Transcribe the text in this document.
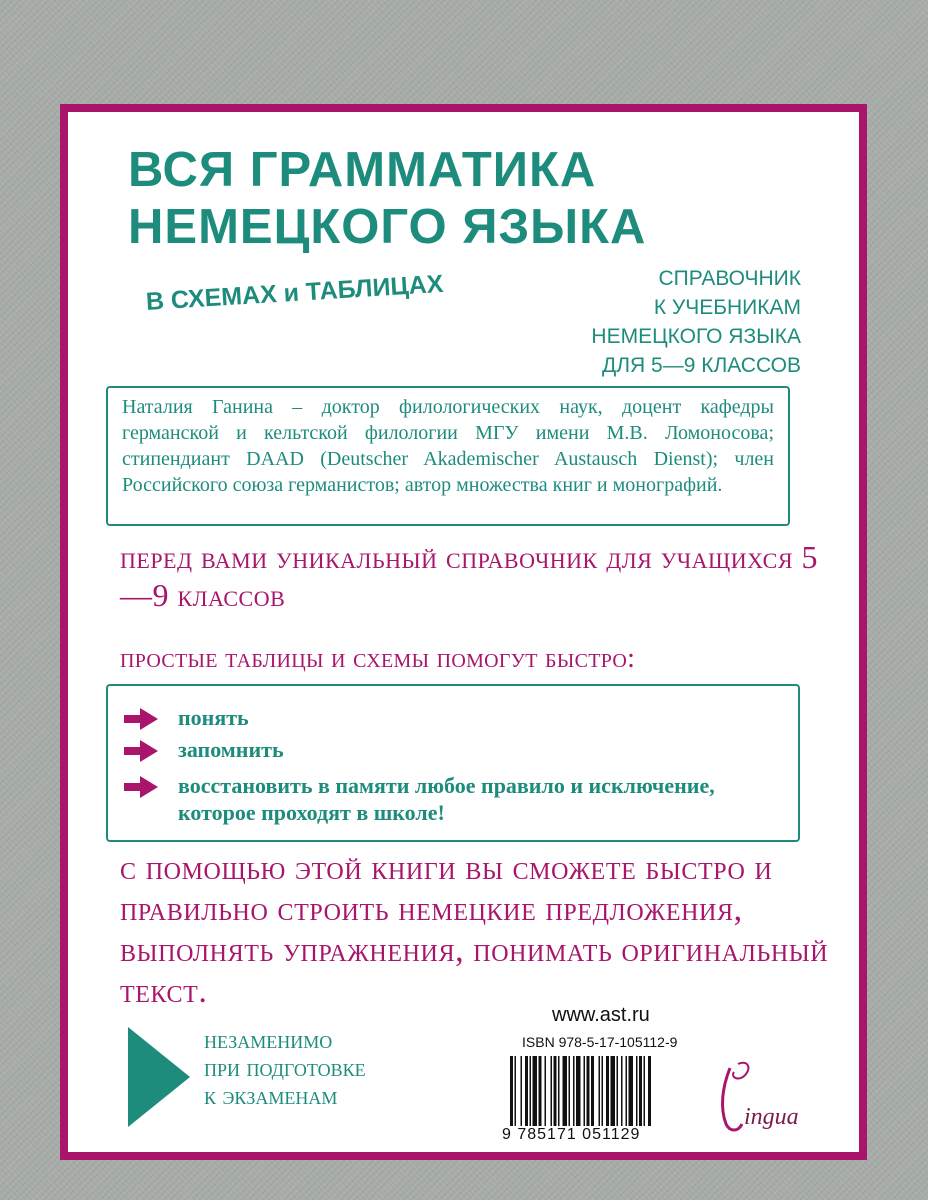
ВСЯ ГРАММАТИКА
НЕМЕЦКОГО ЯЗЫКА
В СХЕМАХ и ТАБЛИЦАХ	СПРАВОЧНИК
К УЧЕБНИКАМ
НЕМЕЦКОГО ЯЗЫКА
ДЛЯ 5—9 КЛАССОВ
Наталия Ганина – доктор филологических наук, доцент кафедры германской и кельтской филологии МГУ имени М.В. Ломоносова; стипендиант DAAD (Deutscher Akademischer Austausch Dienst); член Российского союза германистов; автор множества книг и монографий.
перед вами уникальный справочник для учащихся 5—9 классов
простые таблицы и схемы помогут быстро:
понять
запомнить
восстановить в памяти любое правило и исключение, которое проходят в школе!
с помощью этой книги вы сможете быстро и правильно строить немецкие предложения, выполнять упражнения, понимать оригинальный текст.
незаменимо
при подготовке
к экзаменам
www.ast.ru
ISBN 978-5-17-105112-9
9 785171 051129
ingua
